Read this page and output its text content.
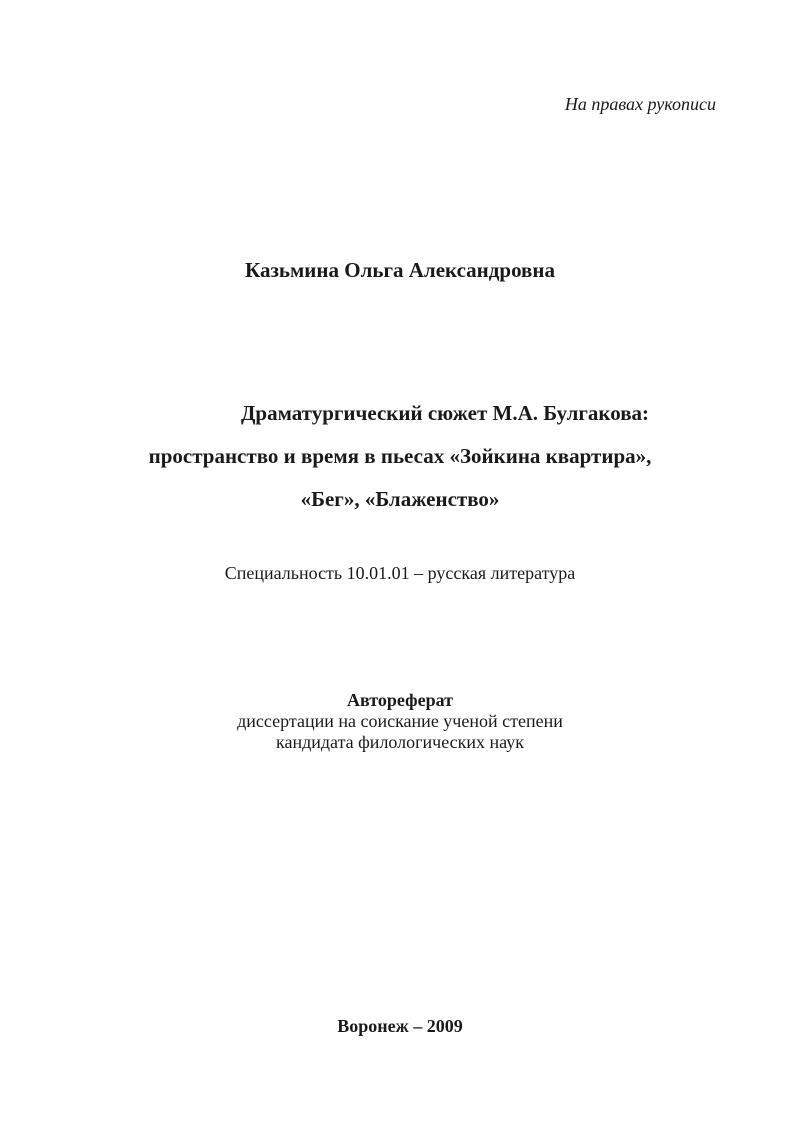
На правах рукописи
Казьмина Ольга Александровна
Драматургический сюжет М.А. Булгакова:
пространство и время в пьесах «Зойкина квартира»,
«Бег», «Блаженство»
Специальность 10.01.01 – русская литература
Автореферат
диссертации на соискание ученой степени
кандидата филологических наук
Воронеж – 2009
